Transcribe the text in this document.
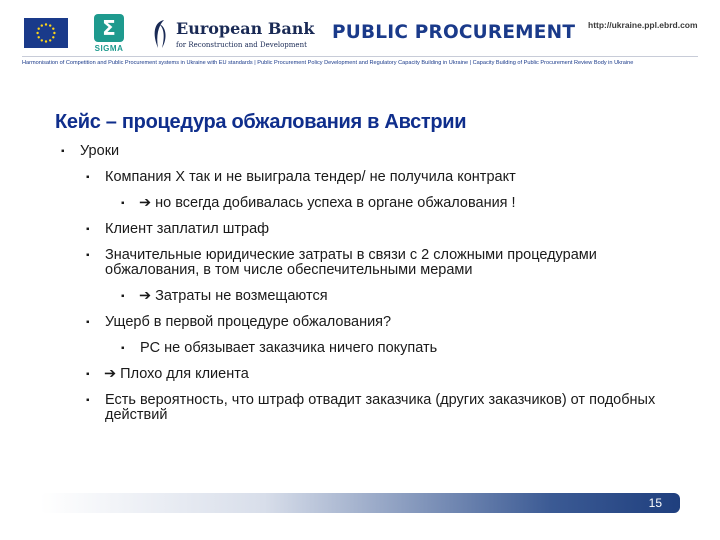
Σ
SIGMA
European Bank
for Reconstruction and Development
PUBLIC PROCUREMENT http://ukraine.ppl.ebrd.com
Harmonisation of Competition and Public Procurement systems in Ukraine with EU standards | Public Procurement Policy Development and Regulatory Capacity Building in Ukraine | Capacity Building of Public Procurement Review Body in Ukraine
Кейс – процедура обжалования в Австрии
▪ Уроки
▪ Компания X так и не выиграла тендер/ не получила контракт
▪ ➔ но всегда добивалась успеха в органе обжалования !
▪ Клиент заплатил штраф
▪ Значительные юридические затраты в связи с 2 сложными процедурами обжалования, в том числе обеспечительными мерами
▪ ➔ Затраты не возмещаются
▪ Ущерб в первой процедуре обжалования?
▪ PC не обязывает заказчика ничего покупать
▪ ➔ Плохо для клиента
▪ Есть вероятность, что штраф отвадит заказчика (других заказчиков) от подобных действий
15
